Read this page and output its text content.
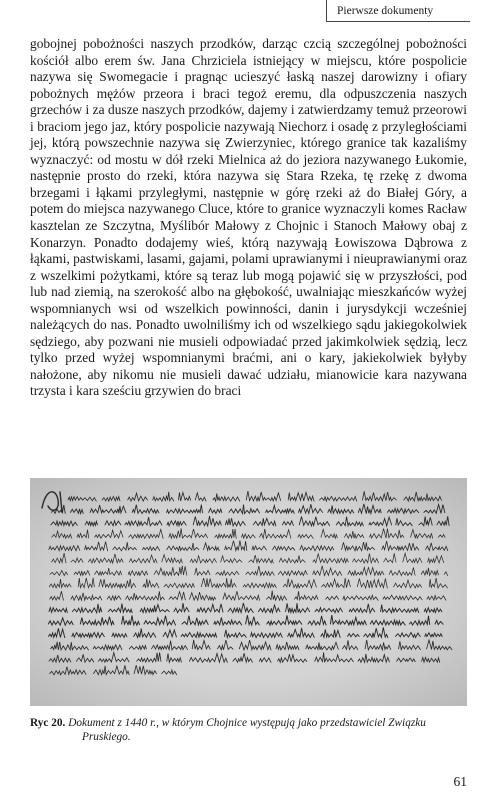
Pierwsze dokumenty

gobojnej pobożności naszych przodków, darząc czcią szczególnej pobożności kościół albo erem św. Jana Chrziciela istniejący w miejscu, które pospolicie nazywa się Swomegacie i pragnąc ucieszyć łaską naszej darowizny i ofiary pobożnych mężów przeora i braci tegoż eremu, dla odpuszczenia naszych grzechów i za dusze naszych przodków, dajemy i zatwierdzamy temuż przeorowi i braciom jego jaz, który pospolicie nazywają Niechorz i osadę z przyległościami jej, którą powszechnie nazywa się Zwierzyniec, którego granice tak kazaliśmy wyznaczyć: od mostu w dół rzeki Mielnica aż do jeziora nazywanego Łukomie, następnie prosto do rzeki, która nazywa się Stara Rzeka, tę rzekę z dwoma brzegami i łąkami przyległymi, następnie w górę rzeki aż do Białej Góry, a potem do miejsca nazywanego Cluce, które to granice wyznaczyli komes Racław kasztelan ze Szczytna, Myślibór Małowy z Chojnic i Stanoch Małowy obaj z Konarzyn. Ponadto dodajemy wieś, którą nazywają Łowiszowa Dąbrowa z łąkami, pastwiskami, lasami, gajami, polami uprawianymi i nieuprawianymi oraz z wszelkimi pożytkami, które są teraz lub mogą pojawić się w przyszłości, pod lub nad ziemią, na szerokość albo na głębokość, uwalniając mieszkańców wyżej wspomnianych wsi od wszelkich powinności, danin i jurysdykcji wcześniej należących do nas. Ponadto uwolniliśmy ich od wszelkiego sądu jakiegokolwiek sędziego, aby pozwani nie musieli odpowiadać przed jakimkolwiek sędzią, lecz tylko przed wyżej wspomnianymi braćmi, ani o kary, jakiekolwiek byłyby nałożone, aby nikomu nie musieli dawać udziału, mianowicie kara nazywana trzysta i kara sześciu grzywien do braci

Ryc 20. Dokument z 1440 r., w którym Chojnice występują jako przedstawiciel Związku
Pruskiego.
61
